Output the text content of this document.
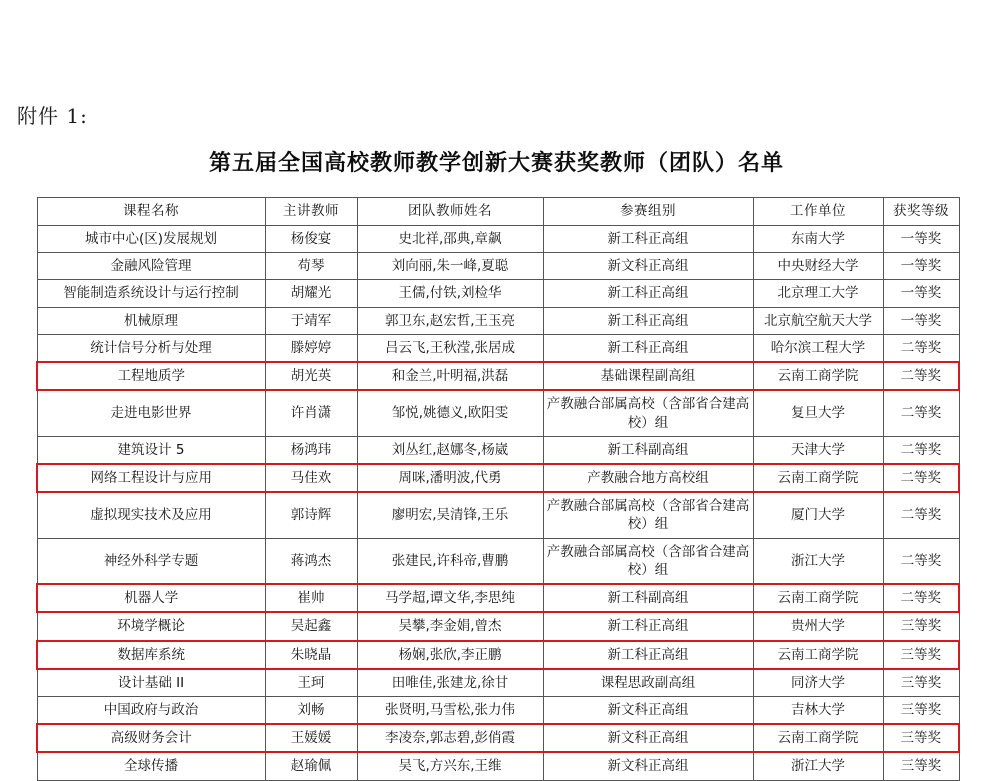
附件 1:
第五届全国高校教师教学创新大赛获奖教师（团队）名单
课程名称	主讲教师	团队教师姓名	参赛组别	工作单位	获奖等级
城市中心(区)发展规划	杨俊宴	史北祥,邵典,章飙	新工科正高组	东南大学	一等奖
金融风险管理	苟琴	刘向丽,朱一峰,夏聪	新文科正高组	中央财经大学	一等奖
智能制造系统设计与运行控制	胡耀光	王儒,付铁,刘检华	新工科正高组	北京理工大学	一等奖
机械原理	于靖军	郭卫东,赵宏哲,王玉亮	新工科正高组	北京航空航天大学	一等奖
统计信号分析与处理	滕婷婷	吕云飞,王秋滢,张居成	新工科正高组	哈尔滨工程大学	二等奖
工程地质学	胡光英	和金兰,叶明福,洪磊	基础课程副高组	云南工商学院	二等奖
走进电影世界	许肖潇	邹悦,姚德义,欧阳雯	产教融合部属高校（含部省合建高校）组	复旦大学	二等奖
建筑设计 5	杨鸿玮	刘丛红,赵娜冬,杨崴	新工科副高组	天津大学	二等奖
网络工程设计与应用	马佳欢	周咪,潘明波,代勇	产教融合地方高校组	云南工商学院	二等奖
虚拟现实技术及应用	郭诗辉	廖明宏,吴清锋,王乐	产教融合部属高校（含部省合建高校）组	厦门大学	二等奖
神经外科学专题	蒋鸿杰	张建民,许科帝,曹鹏	产教融合部属高校（含部省合建高校）组	浙江大学	二等奖
机器人学	崔帅	马学超,谭文华,李思纯	新工科副高组	云南工商学院	二等奖
环境学概论	吴起鑫	吴攀,李金娟,曾杰	新工科正高组	贵州大学	三等奖
数据库系统	朱晓晶	杨娴,张欣,李正鹏	新工科正高组	云南工商学院	三等奖
设计基础 II	王珂	田唯佳,张建龙,徐甘	课程思政副高组	同济大学	三等奖
中国政府与政治	刘畅	张贤明,马雪松,张力伟	新文科正高组	吉林大学	三等奖
高级财务会计	王媛媛	李凌奈,郭志碧,彭俏霞	新文科正高组	云南工商学院	三等奖
全球传播	赵瑜佩	吴飞,方兴东,王维	新文科正高组	浙江大学	三等奖
